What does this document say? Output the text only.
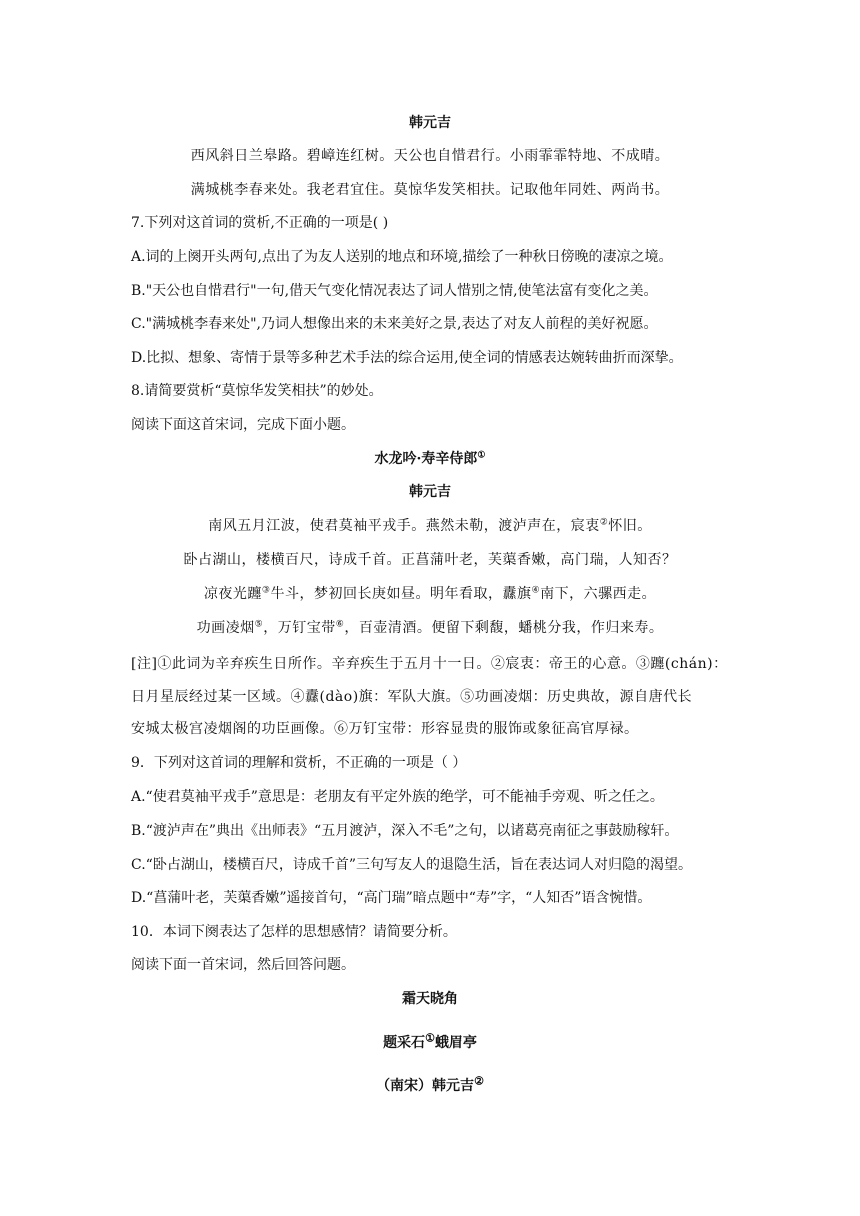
韩元吉
西风斜日兰皋路。碧嶂连红树。天公也自惜君行。小雨霏霏特地、不成晴。
满城桃李春来处。我老君宜住。莫惊华发笑相扶。记取他年同姓、两尚书。
7.下列对这首词的赏析,不正确的一项是( )
A.词的上阕开头两句,点出了为友人送别的地点和环境,描绘了一种秋日傍晚的凄凉之境。
B."天公也自惜君行"一句,借天气变化情况表达了词人惜别之情,使笔法富有变化之美。
C."满城桃李春来处",乃词人想像出来的未来美好之景,表达了对友人前程的美好祝愿。
D.比拟、想象、寄情于景等多种艺术手法的综合运用,使全词的情感表达婉转曲折而深挚。
8.请简要赏析“莫惊华发笑相扶”的妙处。
阅读下面这首宋词，完成下面小题。
水龙吟·寿辛侍郎①
韩元吉
南风五月江波，使君莫袖平戎手。燕然未勒，渡泸声在，宸衷②怀旧。
卧占湖山，楼横百尺，诗成千首。正菖蒲叶老，芙蕖香嫩，高门瑞，人知否？
凉夜光躔③牛斗，梦初回长庚如昼。明年看取，纛旗④南下，六骡西走。
功画凌烟⑤，万钉宝带⑥，百壶清酒。便留下剩馥，蟠桃分我，作归来寿。
[注]①此词为辛弃疾生日所作。辛弃疾生于五月十一日。②宸衷：帝王的心意。③躔(chán)：
日月星辰经过某一区域。④纛(dào)旗：军队大旗。⑤功画凌烟：历史典故，源自唐代长
安城太极宫凌烟阁的功臣画像。⑥万钉宝带：形容显贵的服饰或象征高官厚禄。
9．下列对这首词的理解和赏析，不正确的一项是（ ）
A.“使君莫袖平戎手”意思是：老朋友有平定外族的绝学，可不能袖手旁观、听之任之。
B.“渡泸声在”典出《出师表》“五月渡泸，深入不毛”之句，以诸葛亮南征之事鼓励稼轩。
C.“卧占湖山，楼横百尺，诗成千首”三句写友人的退隐生活，旨在表达词人对归隐的渴望。
D.“菖蒲叶老，芙蕖香嫩”遥接首句，“高门瑞”暗点题中“寿”字，“人知否”语含惋惜。
10．本词下阕表达了怎样的思想感情？请简要分析。
阅读下面一首宋词，然后回答问题。
霜天晓角
题采石①蛾眉亭
（南宋）韩元吉②
